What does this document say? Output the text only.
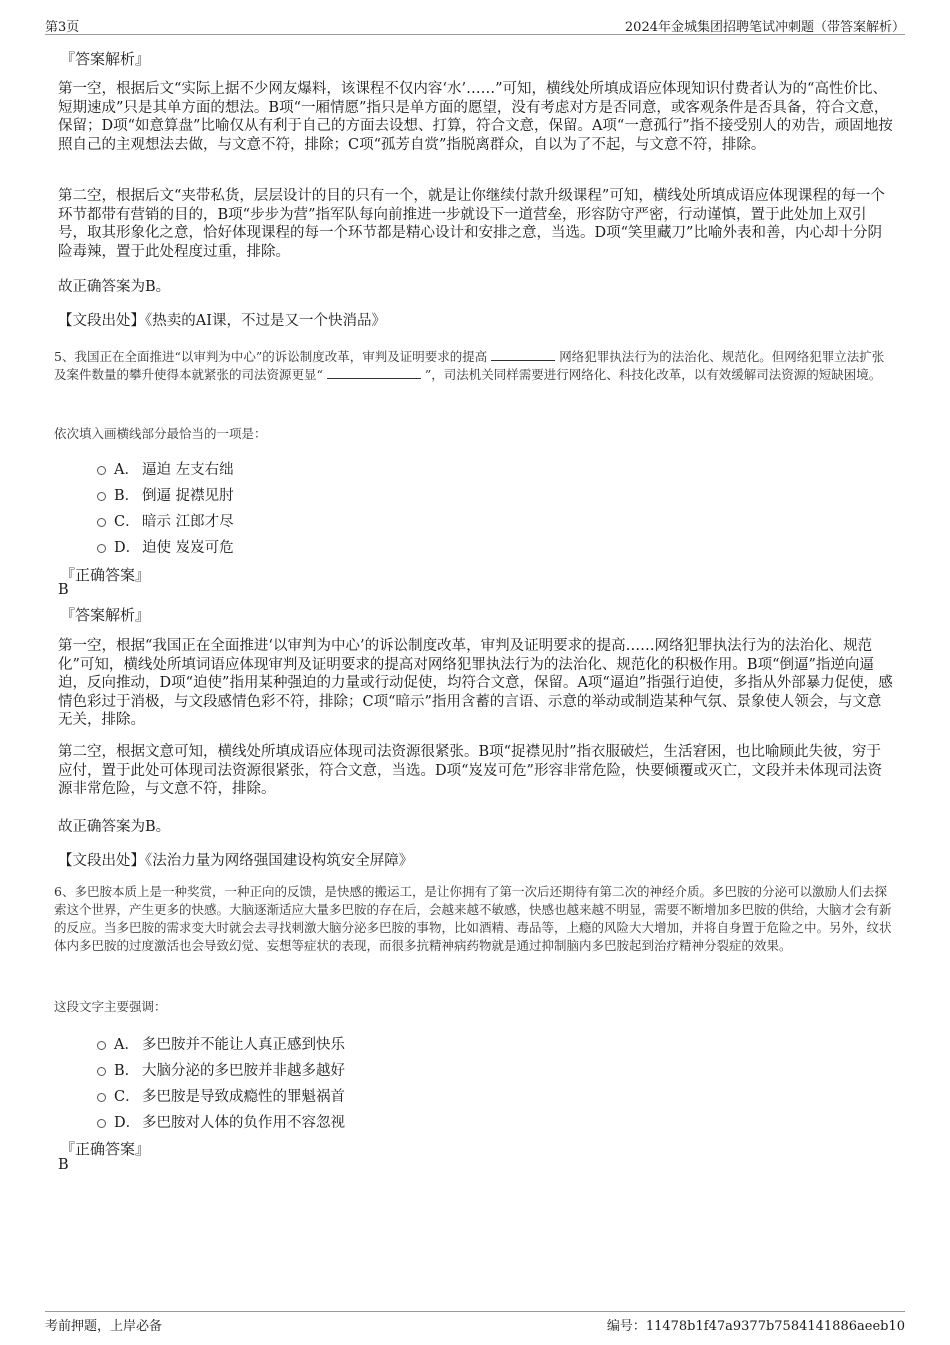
第3页	2024年金城集团招聘笔试冲刺题（带答案解析）
『答案解析』

第一空，根据后文“实际上据不少网友爆料，该课程不仅内容‘水’……”可知，横线处所填成语应体现知识付费者认为的“高性价比、短期速成”只是其单方面的想法。B项“一厢情愿”指只是单方面的愿望，没有考虑对方是否同意，或客观条件是否具备，符合文意，保留；D项“如意算盘”比喻仅从有利于自己的方面去设想、打算，符合文意，保留。A项“一意孤行”指不接受别人的劝告，顽固地按照自己的主观想法去做，与文意不符，排除；C项“孤芳自赏”指脱离群众，自以为了不起，与文意不符，排除。

第二空，根据后文“夹带私货，层层设计的目的只有一个，就是让你继续付款升级课程”可知，横线处所填成语应体现课程的每一个环节都带有营销的目的，B项“步步为营”指军队每向前推进一步就设下一道营垒，形容防守严密，行动谨慎，置于此处加上双引号，取其形象化之意，恰好体现课程的每一个环节都是精心设计和安排之意，当选。D项“笑里藏刀”比喻外表和善，内心却十分阴险毒辣，置于此处程度过重，排除。

故正确答案为B。
【文段出处】《热卖的AI课，不过是又一个快消品》

5、我国正在全面推进“以审判为中心”的诉讼制度改革，审判及证明要求的提高	网络犯罪执法行为的法治化、规范化。但网络犯罪立法扩张及案件数量的攀升使得本就紧张的司法资源更显“	”，司法机关同样需要进行网络化、科技化改革，以有效缓解司法资源的短缺困境。

依次填入画横线部分最恰当的一项是：
A． 逼迫 左支右绌
B． 倒逼 捉襟见肘
C． 暗示 江郎才尽
D． 迫使 岌岌可危
『正确答案』
B
『答案解析』

第一空，根据“我国正在全面推进‘以审判为中心’的诉讼制度改革，审判及证明要求的提高……网络犯罪执法行为的法治化、规范化”可知，横线处所填词语应体现审判及证明要求的提高对网络犯罪执法行为的法治化、规范化的积极作用。B项“倒逼”指逆向逼迫，反向推动，D项“迫使”指用某种强迫的力量或行动促使，均符合文意，保留。A项“逼迫”指强行迫使，多指从外部暴力促使，感情色彩过于消极，与文段感情色彩不符，排除；C项“暗示”指用含蓄的言语、示意的举动或制造某种气氛、景象使人领会，与文意无关，排除。

第二空，根据文意可知，横线处所填成语应体现司法资源很紧张。B项“捉襟见肘”指衣服破烂，生活窘困，也比喻顾此失彼，穷于应付，置于此处可体现司法资源很紧张，符合文意，当选。D项“岌岌可危”形容非常危险，快要倾覆或灭亡，文段并未体现司法资源非常危险，与文意不符，排除。

故正确答案为B。
【文段出处】《法治力量为网络强国建设构筑安全屏障》

6、多巴胺本质上是一种奖赏，一种正向的反馈，是快感的搬运工，是让你拥有了第一次后还期待有第二次的神经介质。多巴胺的分泌可以激励人们去探索这个世界，产生更多的快感。大脑逐渐适应大量多巴胺的存在后，会越来越不敏感，快感也越来越不明显，需要不断增加多巴胺的供给，大脑才会有新的反应。当多巴胺的需求变大时就会去寻找刺激大脑分泌多巴胺的事物，比如酒精、毒品等，上瘾的风险大大增加，并将自身置于危险之中。另外，纹状体内多巴胺的过度激活也会导致幻觉、妄想等症状的表现，而很多抗精神病药物就是通过抑制脑内多巴胺起到治疗精神分裂症的效果。

这段文字主要强调：
A． 多巴胺并不能让人真正感到快乐
B． 大脑分泌的多巴胺并非越多越好
C． 多巴胺是导致成瘾性的罪魁祸首
D． 多巴胺对人体的负作用不容忽视
『正确答案』
B
考前押题，上岸必备	编号：11478b1f47a9377b7584141886aeeb10
